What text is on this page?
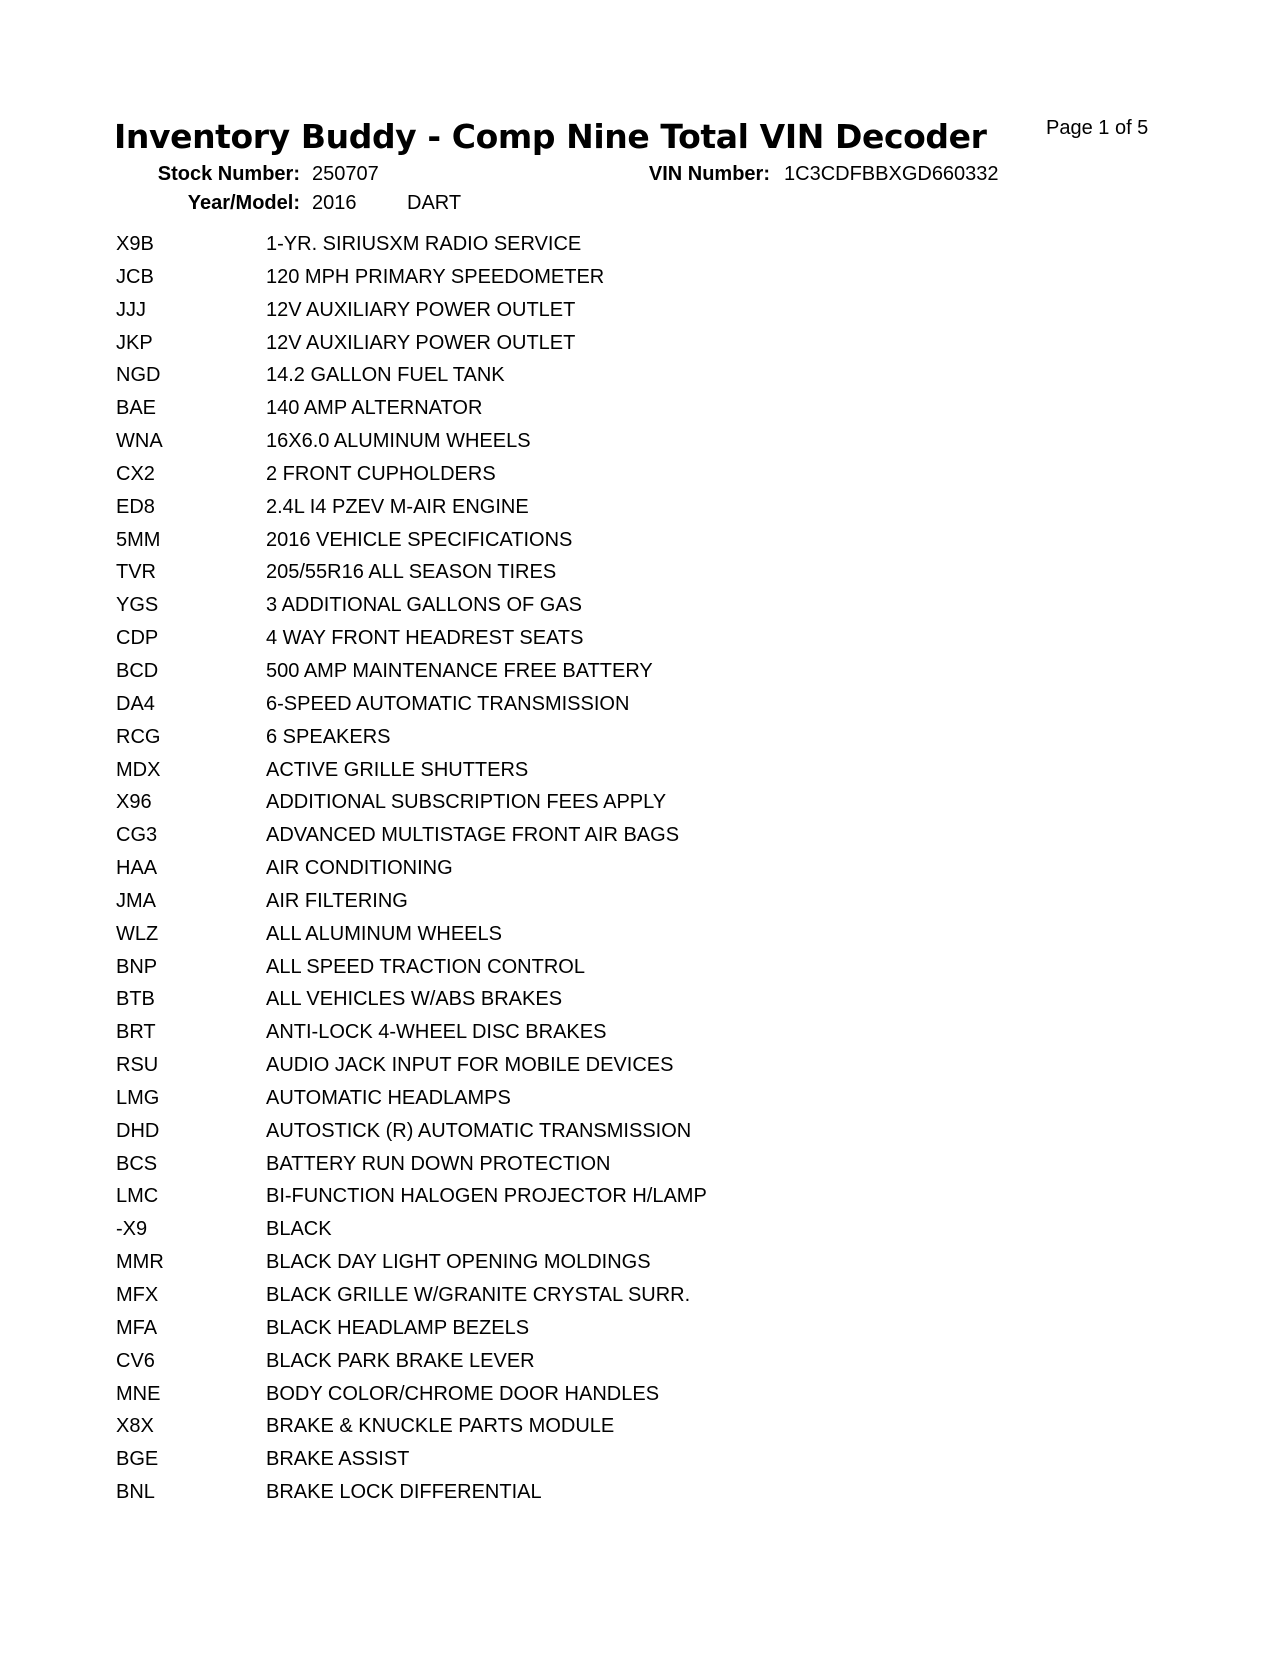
Inventory Buddy - Comp Nine Total VIN Decoder	Page 1 of 5
Stock Number: 250707	VIN Number: 1C3CDFBBXGD660332
Year/Model: 2016	DART
X9B	1-YR. SIRIUSXM RADIO SERVICE
JCB	120 MPH PRIMARY SPEEDOMETER
JJJ	12V AUXILIARY POWER OUTLET
JKP	12V AUXILIARY POWER OUTLET
NGD	14.2 GALLON FUEL TANK
BAE	140 AMP ALTERNATOR
WNA	16X6.0 ALUMINUM WHEELS
CX2	2 FRONT CUPHOLDERS
ED8	2.4L I4 PZEV M-AIR ENGINE
5MM	2016 VEHICLE SPECIFICATIONS
TVR	205/55R16 ALL SEASON TIRES
YGS	3 ADDITIONAL GALLONS OF GAS
CDP	4 WAY FRONT HEADREST SEATS
BCD	500 AMP MAINTENANCE FREE BATTERY
DA4	6-SPEED AUTOMATIC TRANSMISSION
RCG	6 SPEAKERS
MDX	ACTIVE GRILLE SHUTTERS
X96	ADDITIONAL SUBSCRIPTION FEES APPLY
CG3	ADVANCED MULTISTAGE FRONT AIR BAGS
HAA	AIR CONDITIONING
JMA	AIR FILTERING
WLZ	ALL ALUMINUM WHEELS
BNP	ALL SPEED TRACTION CONTROL
BTB	ALL VEHICLES W/ABS BRAKES
BRT	ANTI-LOCK 4-WHEEL DISC BRAKES
RSU	AUDIO JACK INPUT FOR MOBILE DEVICES
LMG	AUTOMATIC HEADLAMPS
DHD	AUTOSTICK (R) AUTOMATIC TRANSMISSION
BCS	BATTERY RUN DOWN PROTECTION
LMC	BI-FUNCTION HALOGEN PROJECTOR H/LAMP
-X9	BLACK
MMR	BLACK DAY LIGHT OPENING MOLDINGS
MFX	BLACK GRILLE W/GRANITE CRYSTAL SURR.
MFA	BLACK HEADLAMP BEZELS
CV6	BLACK PARK BRAKE LEVER
MNE	BODY COLOR/CHROME DOOR HANDLES
X8X	BRAKE & KNUCKLE PARTS MODULE
BGE	BRAKE ASSIST
BNL	BRAKE LOCK DIFFERENTIAL
